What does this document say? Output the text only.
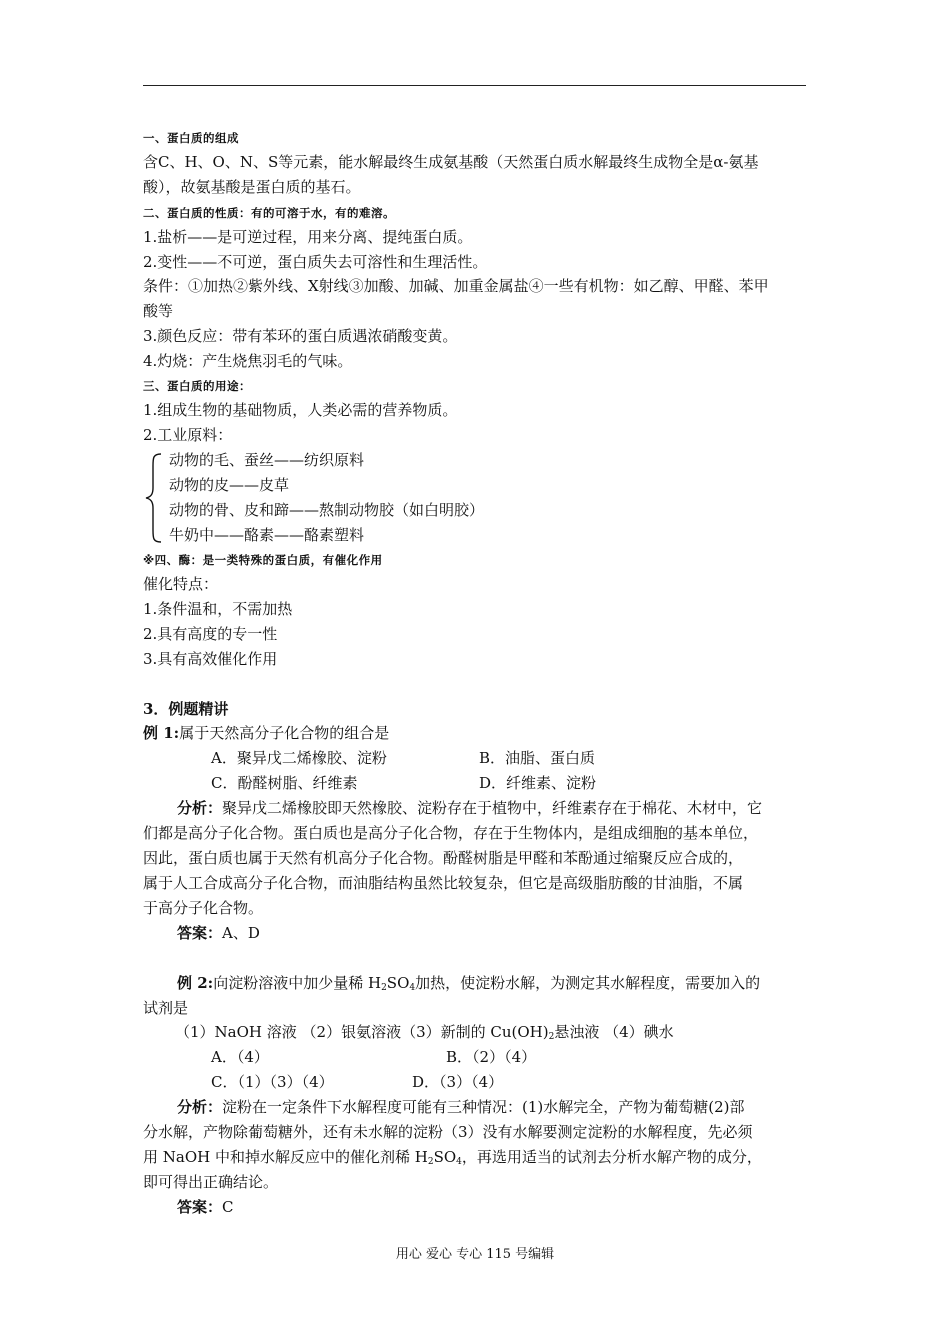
一、蛋白质的组成
含C、H、O、N、S等元素，能水解最终生成氨基酸（天然蛋白质水解最终生成物全是α-氨基
酸），故氨基酸是蛋白质的基石。
二、蛋白质的性质：有的可溶于水，有的难溶。
1.盐析——是可逆过程，用来分离、提纯蛋白质。
2.变性——不可逆，蛋白质失去可溶性和生理活性。
条件：①加热②紫外线、X射线③加酸、加碱、加重金属盐④一些有机物：如乙醇、甲醛、苯甲
酸等
3.颜色反应：带有苯环的蛋白质遇浓硝酸变黄。
4.灼烧：产生烧焦羽毛的气味。
三、蛋白质的用途：
1.组成生物的基础物质，人类必需的营养物质。
2.工业原料：
动物的毛、蚕丝——纺织原料
动物的皮——皮草
动物的骨、皮和蹄——熬制动物胶（如白明胶）
牛奶中——酪素——酪素塑料
※四、酶：是一类特殊的蛋白质，有催化作用
催化特点：
1.条件温和，不需加热
2.具有高度的专一性
3.具有高效催化作用
3．例题精讲
例 1:属于天然高分子化合物的组合是
A．聚异戊二烯橡胶、淀粉	B．油脂、蛋白质
C．酚醛树脂、纤维素	D．纤维素、淀粉
分析：聚异戊二烯橡胶即天然橡胶、淀粉存在于植物中，纤维素存在于棉花、木材中，它
们都是高分子化合物。蛋白质也是高分子化合物，存在于生物体内，是组成细胞的基本单位，
因此，蛋白质也属于天然有机高分子化合物。酚醛树脂是甲醛和苯酚通过缩聚反应合成的，
属于人工合成高分子化合物，而油脂结构虽然比较复杂，但它是高级脂肪酸的甘油脂，不属
于高分子化合物。
答案：A、D
例 2:向淀粉溶液中加少量稀 $H_2SO_4$加热，使淀粉水解，为测定其水解程度，需要加入的
试剂是
（1）NaOH 溶液 （2）银氨溶液（3）新制的 $Cu(OH)_2$悬浊液 （4）碘水
A．（4）	B．（2）（4）
C．（1）（3）（4）	D．（3）（4）
分析：淀粉在一定条件下水解程度可能有三种情况：(1)水解完全，产物为葡萄糖(2)部
分水解，产物除葡萄糖外，还有未水解的淀粉（3）没有水解要测定淀粉的水解程度，先必须
用 NaOH 中和掉水解反应中的催化剂稀 $H_2SO_4$，再选用适当的试剂去分析水解产物的成分，
即可得出正确结论。
答案：C
用心 爱心 专心 115 号编辑
